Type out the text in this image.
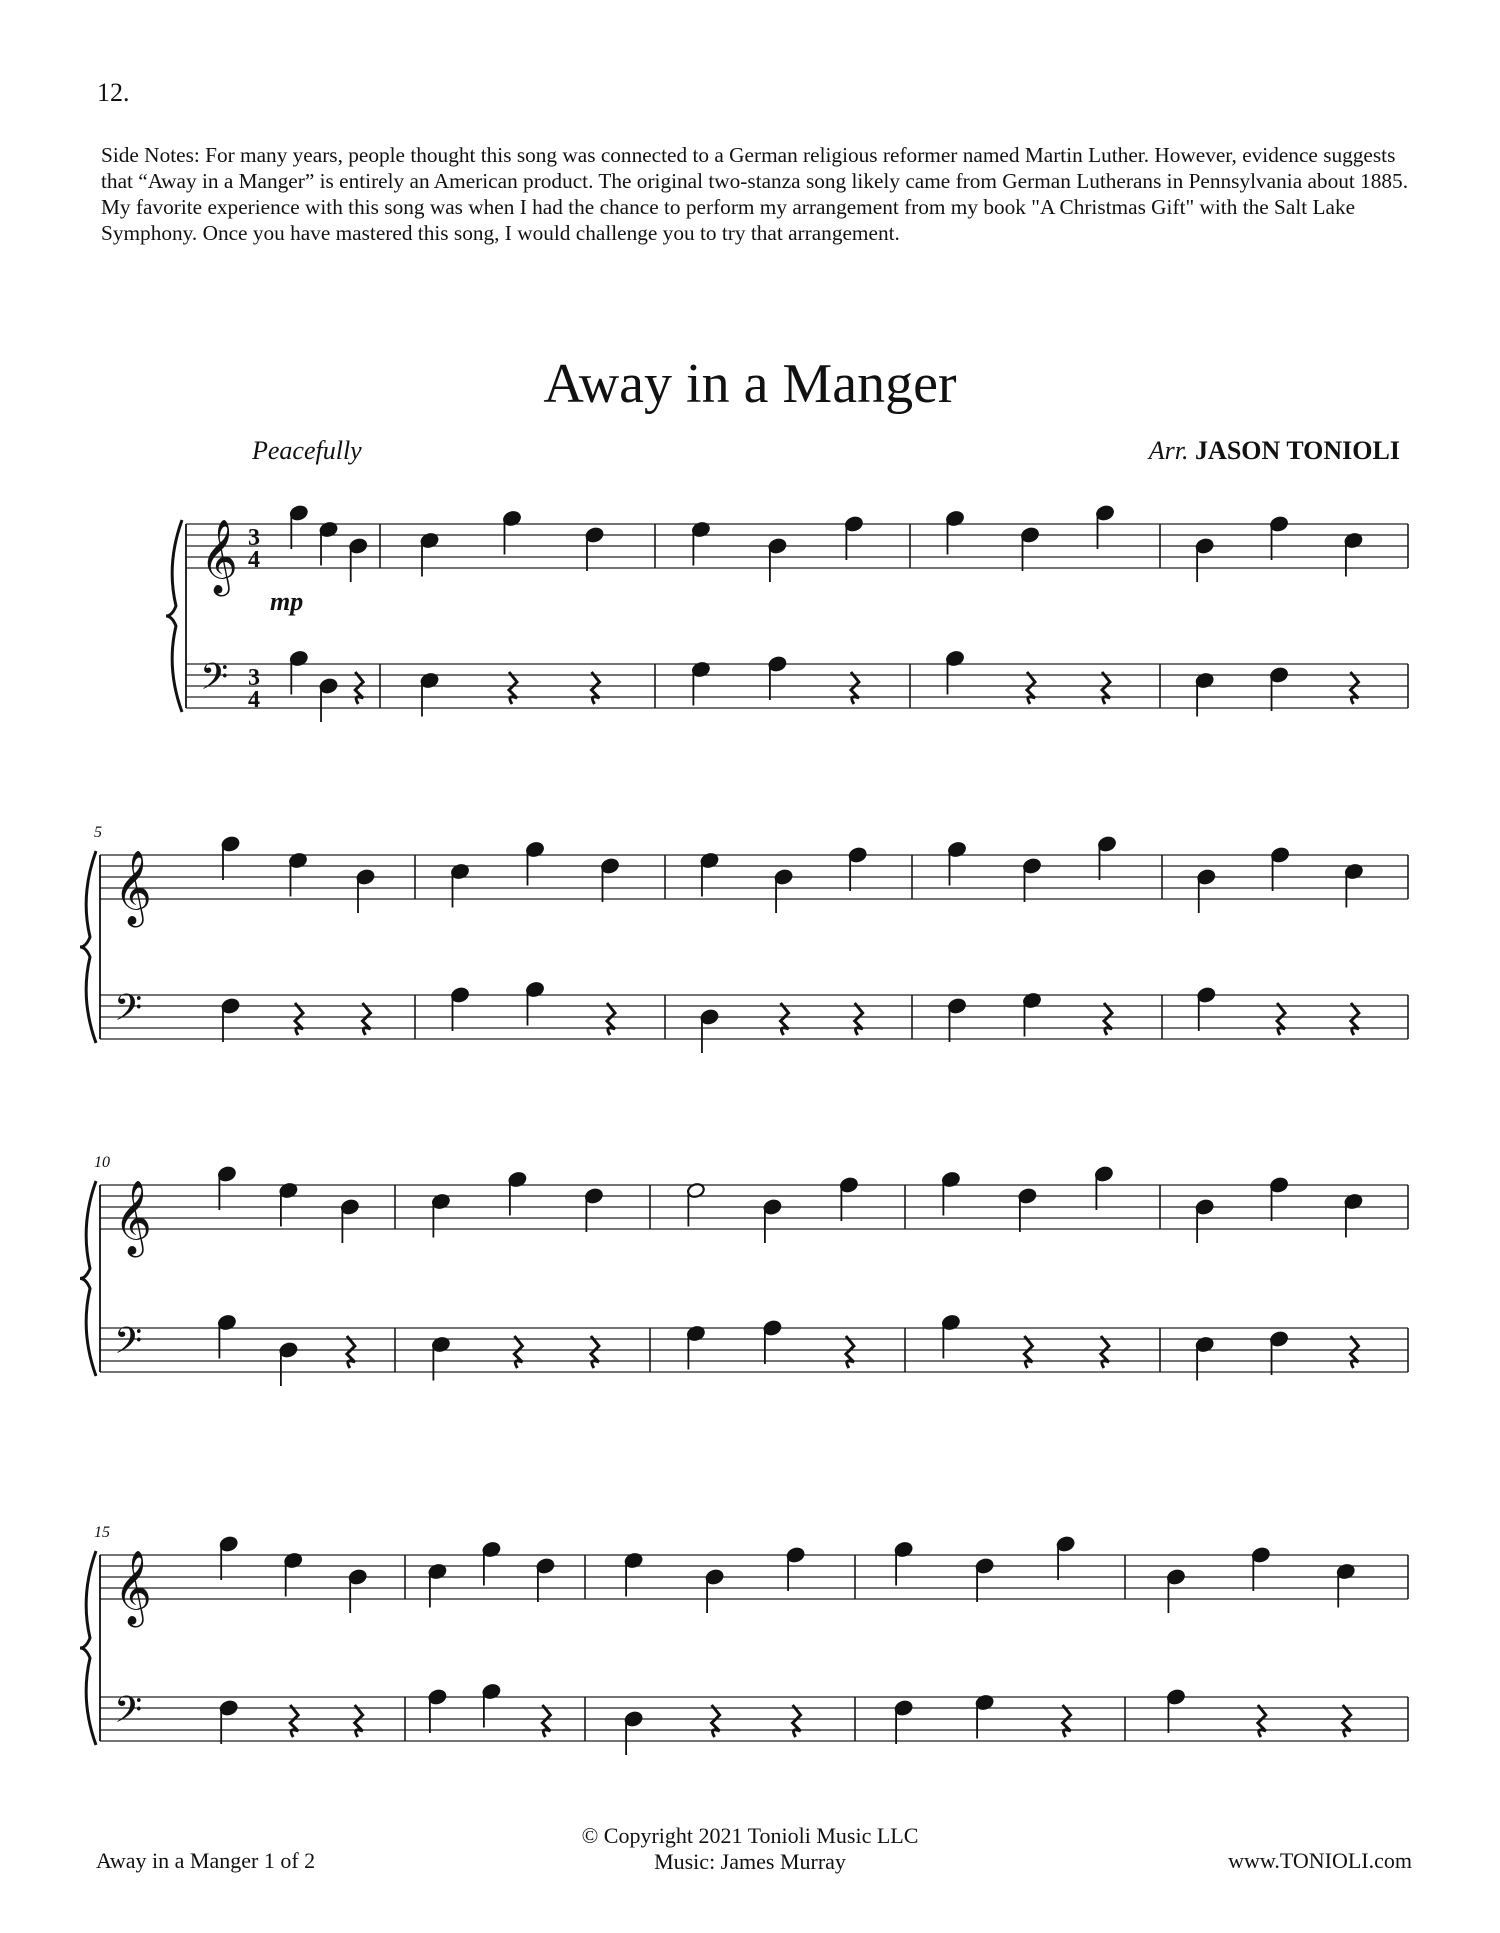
12.
Side Notes: For many years, people thought this song was connected to a German religious reformer named Martin Luther. However, evidence suggests that “Away in a Manger” is entirely an American product. The original two-stanza song likely came from German Lutherans in Pennsylvania about 1885. My favorite experience with this song was when I had the chance to perform my arrangement from my book "A Christmas Gift" with the Salt Lake Symphony. Once you have mastered this song, I would challenge you to try that arrangement.
Away in a Manger
Peacefully	Arr. JASON TONIOLI
𝄞
𝄢
3
4
3
4
mp
𝄞
𝄢
5
𝄞
𝄢
10
𝄞
𝄢
15
Away in a Manger 1 of 2
© Copyright 2021 Tonioli Music LLC
Music: James Murray	www.TONIOLI.com
